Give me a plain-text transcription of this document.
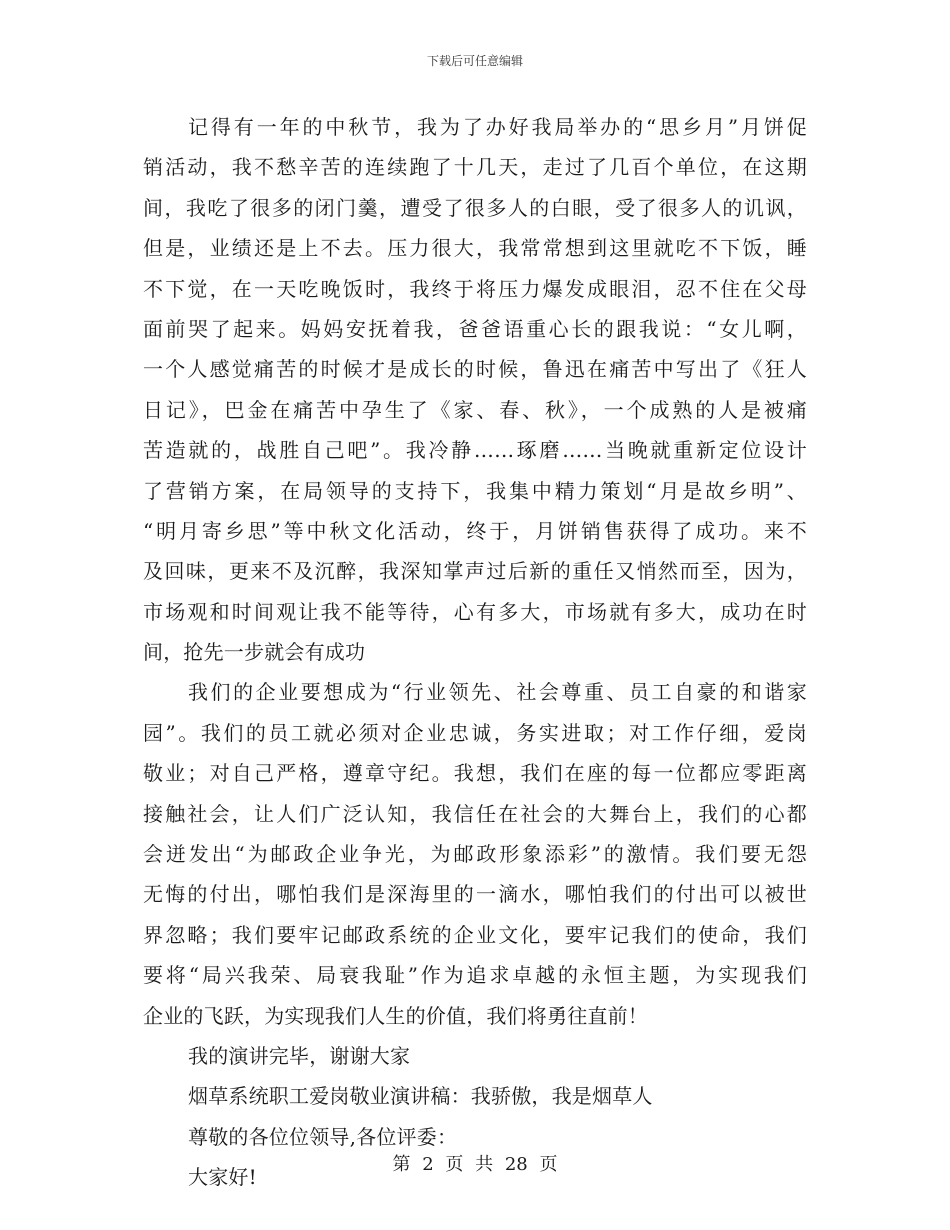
下载后可任意编辑
记得有一年的中秋节，我为了办好我局举办的“思乡月”月饼促
销活动，我不愁辛苦的连续跑了十几天，走过了几百个单位，在这期
间，我吃了很多的闭门羹，遭受了很多人的白眼，受了很多人的讥讽，
但是，业绩还是上不去。压力很大，我常常想到这里就吃不下饭，睡
不下觉，在一天吃晚饭时，我终于将压力爆发成眼泪，忍不住在父母
面前哭了起来。妈妈安抚着我，爸爸语重心长的跟我说：“女儿啊，
一个人感觉痛苦的时候才是成长的时候，鲁迅在痛苦中写出了《狂人
日记》，巴金在痛苦中孕生了《家、春、秋》，一个成熟的人是被痛
苦造就的，战胜自己吧”。我冷静……琢磨……当晚就重新定位设计
了营销方案，在局领导的支持下，我集中精力策划“月是故乡明”、
“明月寄乡思”等中秋文化活动，终于，月饼销售获得了成功。来不
及回味，更来不及沉醉，我深知掌声过后新的重任又悄然而至，因为，
市场观和时间观让我不能等待，心有多大，市场就有多大，成功在时
间，抢先一步就会有成功
我们的企业要想成为“行业领先、社会尊重、员工自豪的和谐家
园”。我们的员工就必须对企业忠诚，务实进取；对工作仔细，爱岗
敬业；对自己严格，遵章守纪。我想，我们在座的每一位都应零距离
接触社会，让人们广泛认知，我信任在社会的大舞台上，我们的心都
会迸发出“为邮政企业争光，为邮政形象添彩”的激情。我们要无怨
无悔的付出，哪怕我们是深海里的一滴水，哪怕我们的付出可以被世
界忽略；我们要牢记邮政系统的企业文化，要牢记我们的使命，我们
要将“局兴我荣、局衰我耻”作为追求卓越的永恒主题，为实现我们
企业的飞跃，为实现我们人生的价值，我们将勇往直前！
我的演讲完毕，谢谢大家
烟草系统职工爱岗敬业演讲稿：我骄傲，我是烟草人
尊敬的各位位领导,各位评委：
大家好!
第 2 页 共 28 页
